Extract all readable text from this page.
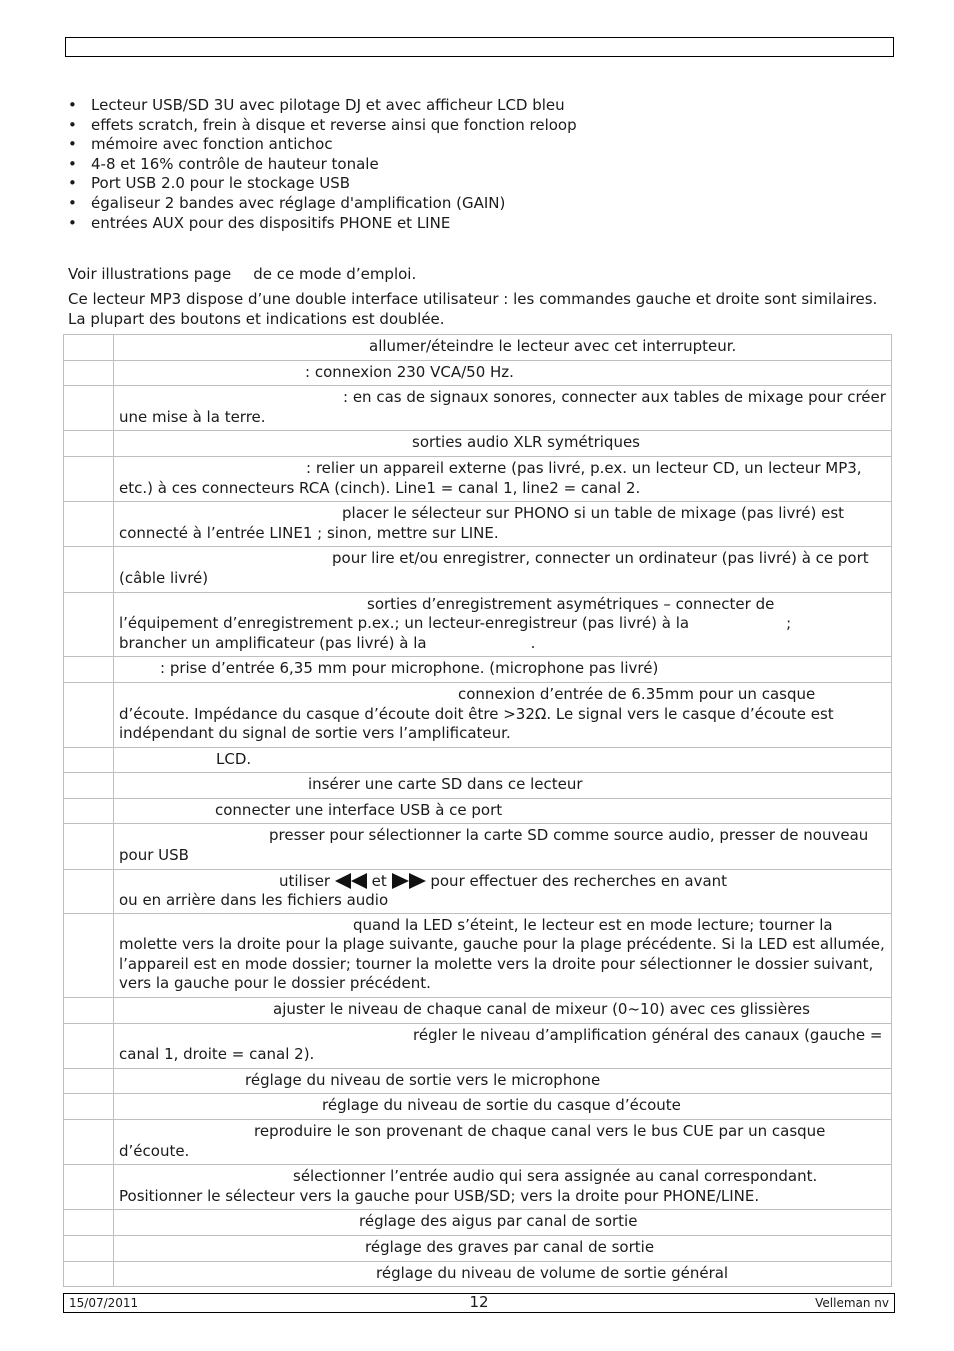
• Lecteur USB/SD 3U avec pilotage DJ et avec afficheur LCD bleu
• effets scratch, frein à disque et reverse ainsi que fonction reloop
• mémoire avec fonction antichoc
• 4-8 et 16% contrôle de hauteur tonale
• Port USB 2.0 pour le stockage USB
• égaliseur 2 bandes avec réglage d'amplification (GAIN)
• entrées AUX pour des dispositifs PHONE et LINE

Voir illustrations page de ce mode d’emploi.

Ce lecteur MP3 dispose d’une double interface utilisateur : les commandes gauche et droite sont similaires. La plupart des boutons et indications est doublée.

	allumer/éteindre le lecteur avec cet interrupteur.
	: connexion 230 VCA/50 Hz.
	: en cas de signaux sonores, connecter aux tables de mixage pour créer une mise à la terre.
	sorties audio XLR symétriques
	: relier un appareil externe (pas livré, p.ex. un lecteur CD, un lecteur MP3, etc.) à ces connecteurs RCA (cinch). Line1 = canal 1, line2 = canal 2.
	placer le sélecteur sur PHONO si un table de mixage (pas livré) est connecté à l’entrée LINE1 ; sinon, mettre sur LINE.
	pour lire et/ou enregistrer, connecter un ordinateur (pas livré) à ce port (câble livré)

	sorties d’enregistrement asymétriques – connecter de
l’équipement d’enregistrement p.ex.; un lecteur-enregistreur (pas livré) à la ;
brancher un amplificateur (pas livré) à la .

	: prise d’entrée 6,35 mm pour microphone. (microphone pas livré)
	connexion d’entrée de 6.35mm pour un casque d’écoute. Impédance du casque d’écoute doit être >32Ω. Le signal vers le casque d’écoute est indépendant du signal de sortie vers l’amplificateur.
	LCD.
	insérer une carte SD dans ce lecteur
	connecter une interface USB à ce port
	presser pour sélectionner la carte SD comme source audio, presser de nouveau pour USB
	utiliser et pour effectuer des recherches en avant
ou en arrière dans les fichiers audio
	quand la LED s’éteint, le lecteur est en mode lecture; tourner la molette vers la droite pour la plage suivante, gauche pour la plage précédente. Si la LED est allumée, l’appareil est en mode dossier; tourner la molette vers la droite pour sélectionner le dossier suivant, vers la gauche pour le dossier précédent.
	ajuster le niveau de chaque canal de mixeur (0~10) avec ces glissières
	régler le niveau d’amplification général des canaux (gauche = canal 1, droite = canal 2).
	réglage du niveau de sortie vers le microphone
	réglage du niveau de sortie du casque d’écoute
	reproduire le son provenant de chaque canal vers le bus CUE par un casque d’écoute.
	sélectionner l’entrée audio qui sera assignée au canal correspondant. Positionner le sélecteur vers la gauche pour USB/SD; vers la droite pour PHONE/LINE.
	réglage des aigus par canal de sortie
	réglage des graves par canal de sortie
	réglage du niveau de volume de sortie général
15/07/2011	12	Velleman nv
